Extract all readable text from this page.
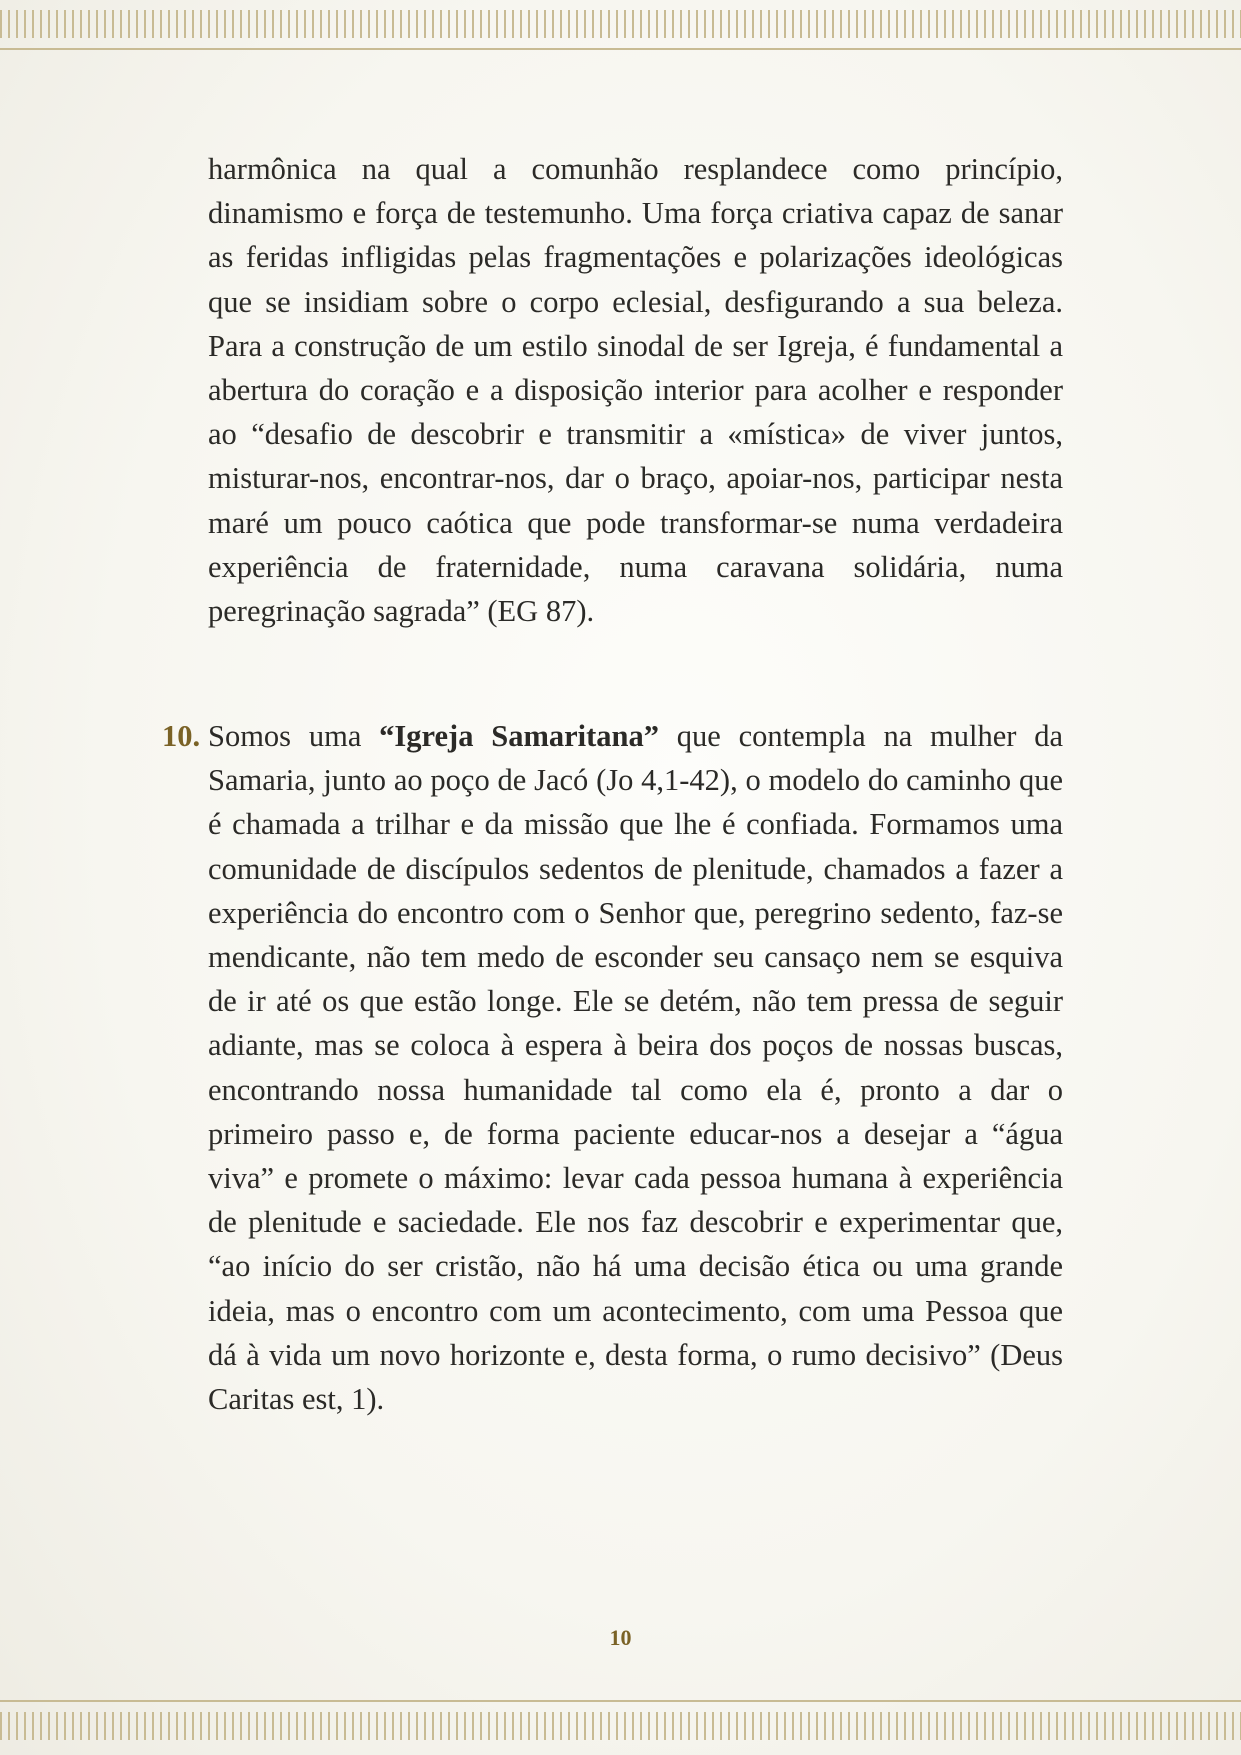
harmônica na qual a comunhão resplandece como princípio, dinamismo e força de testemunho. Uma força criativa capaz de sanar as feridas infligidas pelas fragmentações e polarizações ideológicas que se insidiam sobre o corpo eclesial, desfigurando a sua beleza. Para a construção de um estilo sinodal de ser Igreja, é fundamental a abertura do coração e a disposição interior para acolher e responder ao “desafio de descobrir e transmitir a «mística» de viver juntos, misturar-nos, encontrar-nos, dar o braço, apoiar-nos, participar nesta maré um pouco caótica que pode transformar-se numa verdadeira experiência de fraternidade, numa caravana solidária, numa peregrinação sagrada” (EG 87).

10. Somos uma “Igreja Samaritana” que contempla na mulher da Samaria, junto ao poço de Jacó (Jo 4,1-42), o modelo do caminho que é chamada a trilhar e da missão que lhe é confiada. Formamos uma comunidade de discípulos sedentos de plenitude, chamados a fazer a experiência do encontro com o Senhor que, peregrino sedento, faz-se mendicante, não tem medo de esconder seu cansaço nem se esquiva de ir até os que estão longe. Ele se detém, não tem pressa de seguir adiante, mas se coloca à espera à beira dos poços de nossas buscas, encontrando nossa humanidade tal como ela é, pronto a dar o primeiro passo e, de forma paciente educar-nos a desejar a “água viva” e promete o máximo: levar cada pessoa humana à experiência de plenitude e saciedade. Ele nos faz descobrir e experimentar que, “ao início do ser cristão, não há uma decisão ética ou uma grande ideia, mas o encontro com um acontecimento, com uma Pessoa que dá à vida um novo horizonte e, desta forma, o rumo decisivo” (Deus Caritas est, 1).

10
